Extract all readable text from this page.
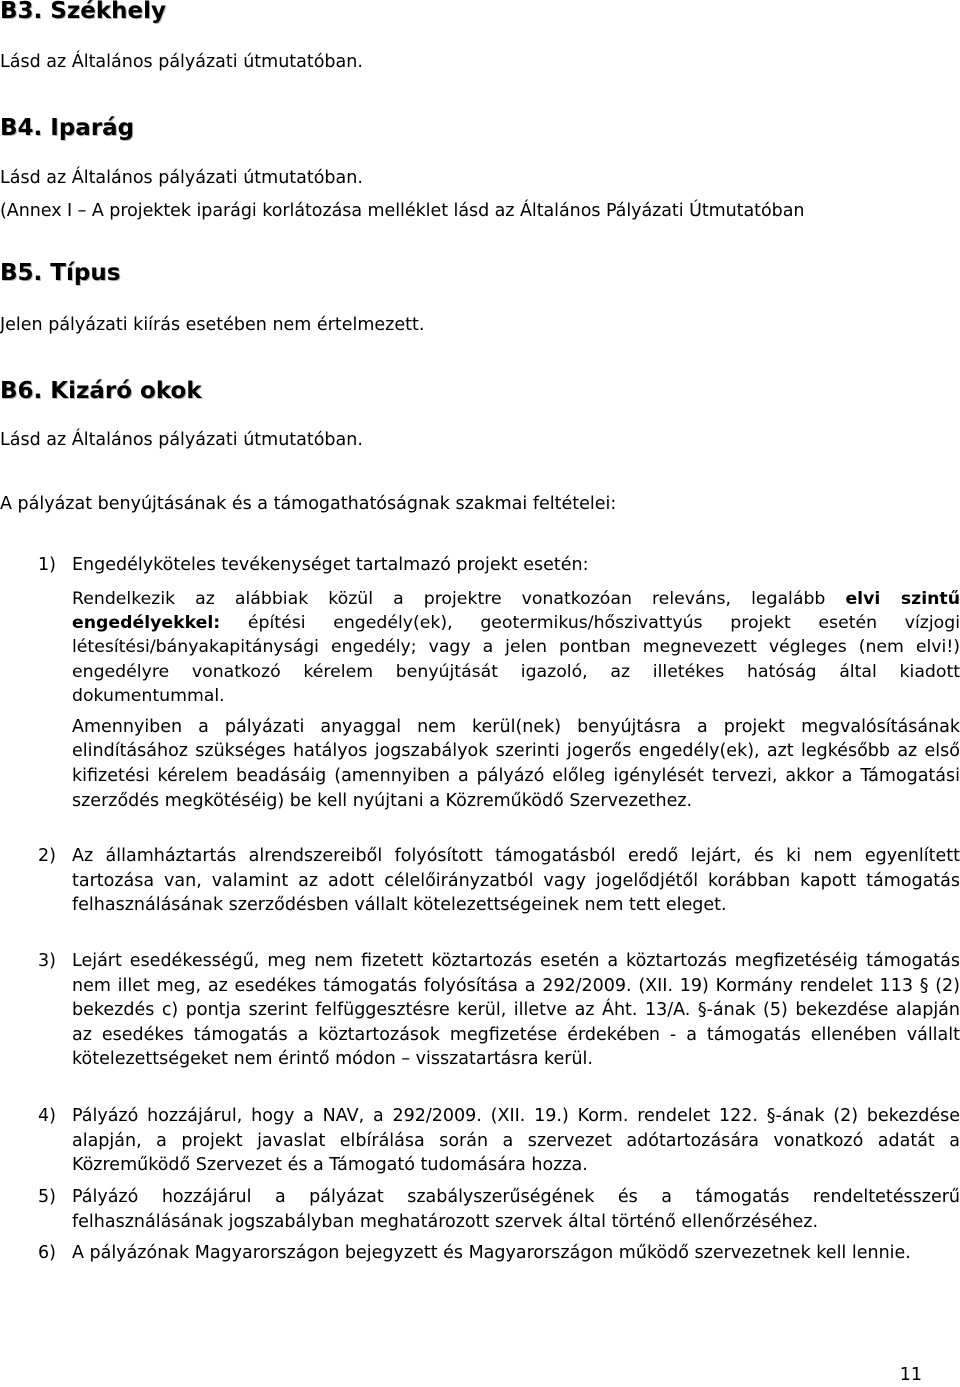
B3. Székhely

Lásd az Általános pályázati útmutatóban.

B4. Iparág

Lásd az Általános pályázati útmutatóban.

(Annex I – A projektek iparági korlátozása melléklet lásd az Általános Pályázati Útmutatóban

B5. Típus

Jelen pályázati kiírás esetében nem értelmezett.

B6. Kizáró okok

Lásd az Általános pályázati útmutatóban.

A pályázat benyújtásának és a támogathatóságnak szakmai feltételei:

1) Engedélyköteles tevékenységet tartalmazó projekt esetén:

Rendelkezik az alábbiak közül a projektre vonatkozóan releváns, legalább elvi szintű engedélyekkel: építési engedély(ek), geotermikus/hőszivattyús projekt esetén vízjogi létesítési/bányakapitánysági engedély; vagy a jelen pontban megnevezett végleges (nem elvi!) engedélyre vonatkozó kérelem benyújtását igazoló, az illetékes hatóság által kiadott dokumentummal.

Amennyiben a pályázati anyaggal nem kerül(nek) benyújtásra a projekt megvalósításának elindításához szükséges hatályos jogszabályok szerinti jogerős engedély(ek), azt legkésőbb az első kifizetési kérelem beadásáig (amennyiben a pályázó előleg igénylését tervezi, akkor a Támogatási szerződés megkötéséig) be kell nyújtani a Közreműködő Szervezethez.

2) Az államháztartás alrendszereiből folyósított támogatásból eredő lejárt, és ki nem egyenlített tartozása van, valamint az adott célelőirányzatból vagy jogelődjétől korábban kapott támogatás felhasználásának szerződésben vállalt kötelezettségeinek nem tett eleget.
3) Lejárt esedékességű, meg nem fizetett köztartozás esetén a köztartozás megfizetéséig támogatás nem illet meg, az esedékes támogatás folyósítása a 292/2009. (XII. 19) Kormány rendelet 113 § (2) bekezdés c) pontja szerint felfüggesztésre kerül, illetve az Áht. 13/A. §-ának (5) bekezdése alapján az esedékes támogatás a köztartozások megfizetése érdekében - a támogatás ellenében vállalt kötelezettségeket nem érintő módon – visszatartásra kerül.
4) Pályázó hozzájárul, hogy a NAV, a 292/2009. (XII. 19.) Korm. rendelet 122. §-ának (2) bekezdése alapján, a projekt javaslat elbírálása során a szervezet adótartozására vonatkozó adatát a Közreműködő Szervezet és a Támogató tudomására hozza.
5) Pályázó hozzájárul a pályázat szabályszerűségének és a támogatás rendeltetésszerű felhasználásának jogszabályban meghatározott szervek által történő ellenőrzéséhez.
6) A pályázónak Magyarországon bejegyzett és Magyarországon működő szervezetnek kell lennie.
11
